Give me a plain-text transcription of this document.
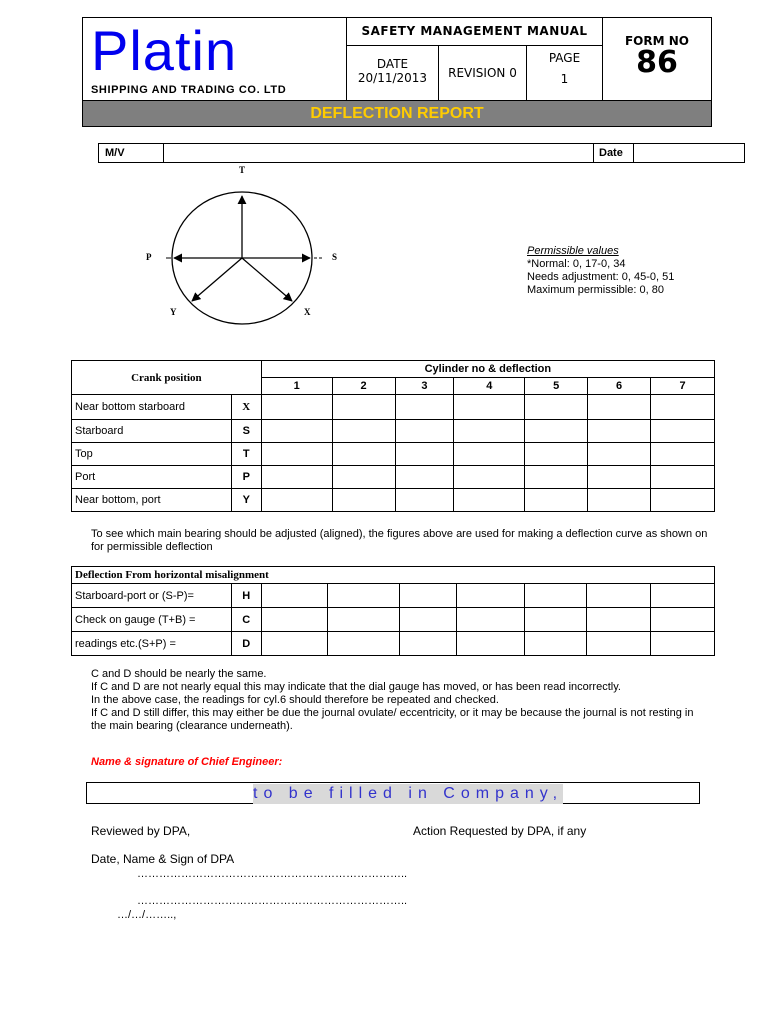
Platin
SHIPPING AND TRADING CO. LTD
SAFETY MANAGEMENT MANUAL
DATE
20/11/2013	REVISION 0
PAGE
1
FORM NO
86
DEFLECTION REPORT
M/V	Date
T
P	S
Y	X
Permissible values
*Normal: 0, 17-0, 34
Needs adjustment: 0, 45-0, 51
Maximum permissible: 0, 80
Crank position		Cylinder no & deflection						
		1	2	3	4	5	6	7
Near bottom starboard	X							
Starboard	S							
Top	T							
Port	P							
Near bottom, port	Y							
To see which main bearing should be adjusted (aligned), the figures above are used for making a deflection curve as shown on for permissible deflection
Deflection From horizontal misalignment								
Starboard-port or (S-P)=	H							
Check on gauge (T+B) =	C							
readings etc.(S+P) =	D							
C and D should be nearly the same.
If C and D are not nearly equal this may indicate that the dial gauge has moved, or has been read incorrectly.
In the above case, the readings for cyl.6 should therefore be repeated and checked.
If C and D still differ, this may either be due the journal ovulate/ eccentricity, or it may be because the journal is not resting in the main bearing (clearance underneath).
Name & signature of Chief Engineer:
to be filled in Company,
Reviewed by DPA,	Action Requested by DPA, if any
Date, Name & Sign of DPA
………………………………………………………………..
………………………………………………………………..
…/…/……..,
